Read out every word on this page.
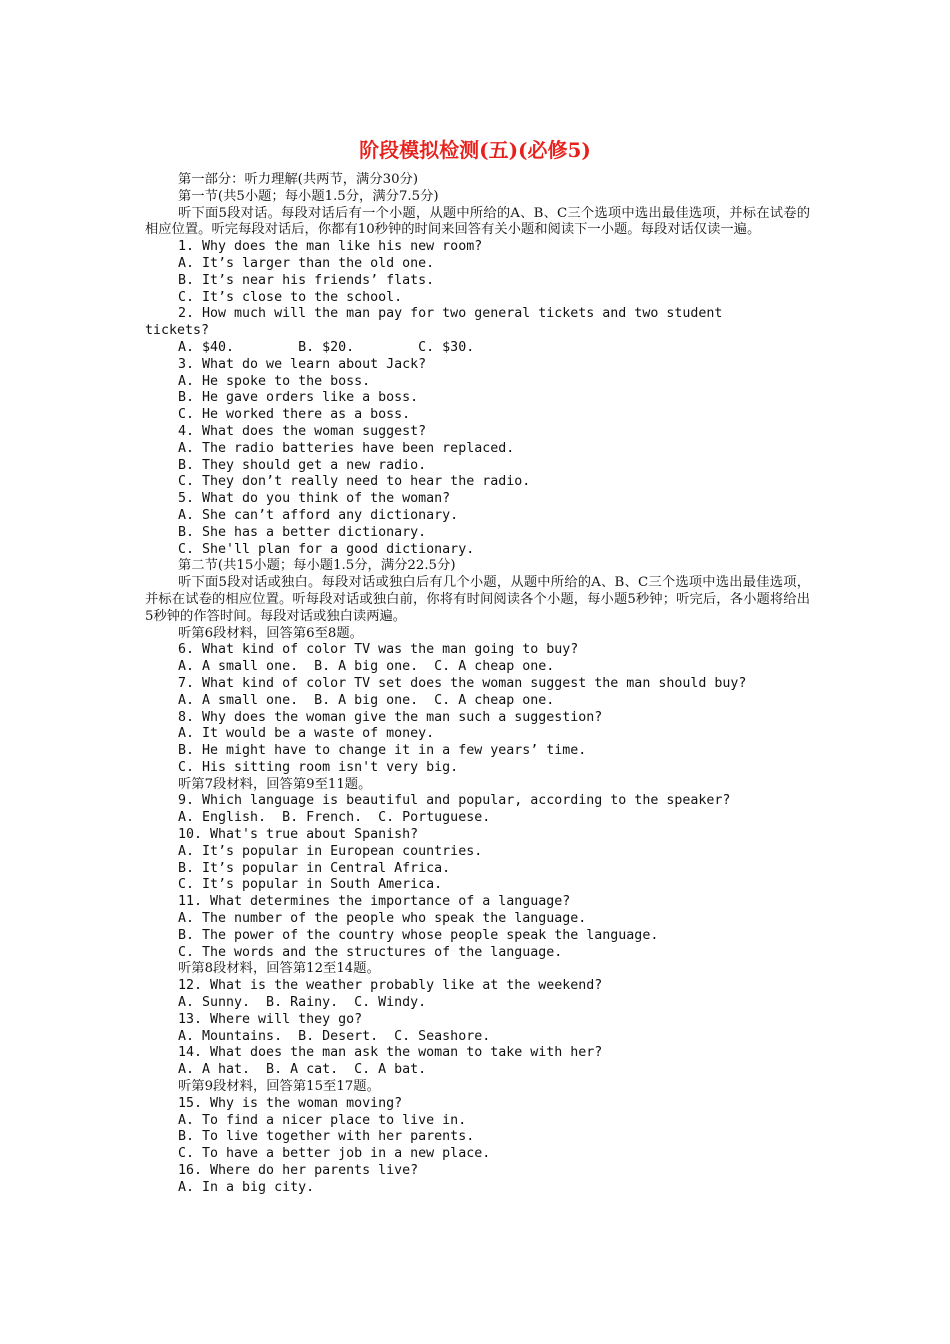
阶段模拟检测(五)(必修5)
第一部分：听力理解(共两节，满分30分)
第一节(共5小题；每小题1.5分，满分7.5分)
听下面5段对话。每段对话后有一个小题，从题中所给的A、B、C三个选项中选出最佳选项，并标在试卷的相应位置。听完每段对话后，你都有10秒钟的时间来回答有关小题和阅读下一小题。每段对话仅读一遍。
1. Why does the man like his new room?
A. It’s larger than the old one.
B. It’s near his friends’ flats.
C. It’s close to the school.
2. How much will the man pay for two general tickets and two student
tickets?
A. $40.        B. $20.        C. $30.
3. What do we learn about Jack?
A. He spoke to the boss.
B. He gave orders like a boss.
C. He worked there as a boss.
4. What does the woman suggest?
A. The radio batteries have been replaced.
B. They should get a new radio.
C. They don’t really need to hear the radio.
5. What do you think of the woman?
A. She can’t afford any dictionary.
B. She has a better dictionary.
C. She'll plan for a good dictionary.
第二节(共15小题；每小题1.5分，满分22.5分)
听下面5段对话或独白。每段对话或独白后有几个小题，从题中所给的A、B、C三个选项中选出最佳选项，并标在试卷的相应位置。听每段对话或独白前，你将有时间阅读各个小题，每小题5秒钟；听完后，各小题将给出5秒钟的作答时间。每段对话或独白读两遍。
听第6段材料，回答第6至8题。
6. What kind of color TV was the man going to buy?
A. A small one.  B. A big one.  C. A cheap one.
7. What kind of color TV set does the woman suggest the man should buy?
A. A small one.  B. A big one.  C. A cheap one.
8. Why does the woman give the man such a suggestion?
A. It would be a waste of money.
B. He might have to change it in a few years’ time.
C. His sitting room isn't very big.
听第7段材料，回答第9至11题。
9. Which language is beautiful and popular, according to the speaker?
A. English.  B. French.  C. Portuguese.
10. What's true about Spanish?
A. It’s popular in European countries.
B. It’s popular in Central Africa.
C. It’s popular in South America.
11. What determines the importance of a language?
A. The number of the people who speak the language.
B. The power of the country whose people speak the language.
C. The words and the structures of the language.
听第8段材料，回答第12至14题。
12. What is the weather probably like at the weekend?
A. Sunny.  B. Rainy.  C. Windy.
13. Where will they go?
A. Mountains.  B. Desert.  C. Seashore.
14. What does the man ask the woman to take with her?
A. A hat.  B. A cat.  C. A bat.
听第9段材料，回答第15至17题。
15. Why is the woman moving?
A. To find a nicer place to live in.
B. To live together with her parents.
C. To have a better job in a new place.
16. Where do her parents live?
A. In a big city.
